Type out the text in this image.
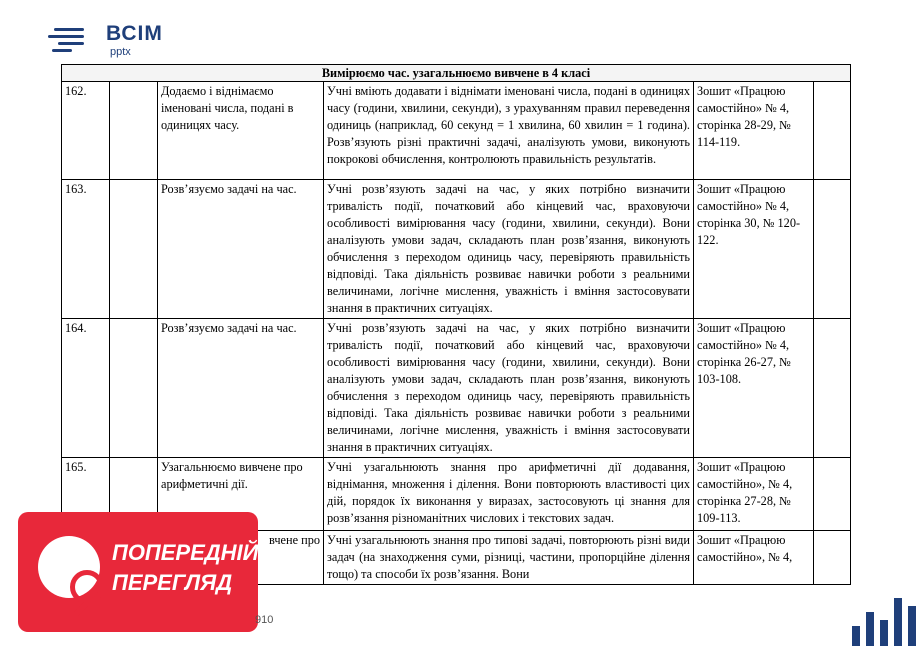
ВСІМ
pptx
Вимірюємо час. узагальнюємо вивчене в 4 класі					
162.		Додаємо і віднімаємо іменовані числа, подані в одиницях часу.	Учні вміють додавати і віднімати іменовані числа, подані в одиницях часу (години, хвилини, секунди), з урахуванням правил переведення одиниць (наприклад, 60 секунд = 1 хвилина, 60 хвилин = 1 година). Розв’язують різні практичні задачі, аналізують умови, виконують покрокові обчислення, контролюють правильність результатів.	Зошит «Працюю самостійно» № 4, сторінка 28-29, № 114-119.	
163.		Розв’язуємо задачі на час.	Учні розв’язують задачі на час, у яких потрібно визначити тривалість події, початковий або кінцевий час, враховуючи особливості вимірювання часу (години, хвилини, секунди). Вони аналізують умови задач, складають план розв’язання, виконують обчислення з переходом одиниць часу, перевіряють правильність відповіді. Така діяльність розвиває навички роботи з реальними величинами, логічне мислення, уважність і вміння застосовувати знання в практичних ситуаціях.	Зошит «Працюю самостійно» № 4, сторінка 30, № 120-122.	
164.		Розв’язуємо задачі на час.	Учні розв’язують задачі на час, у яких потрібно визначити тривалість події, початковий або кінцевий час, враховуючи особливості вимірювання часу (години, хвилини, секунди). Вони аналізують умови задач, складають план розв’язання, виконують обчислення з переходом одиниць часу, перевіряють правильність відповіді. Така діяльність розвиває навички роботи з реальними величинами, логічне мислення, уважність і вміння застосовувати знання в практичних ситуаціях.	Зошит «Працюю самостійно» № 4, сторінка 26-27, № 103-108.	
165.		Узагальнюємо вивчене про арифметичні дії.	Учні узагальнюють знання про арифметичні дії додавання, віднімання, множення і ділення. Вони повторюють властивості цих дій, порядок їх виконання у виразах, застосовують ці знання для розв’язання різноманітних числових і текстових задач.	Зошит «Працюю самостійно», № 4, сторінка 27-28, № 109-113.	
		вчене про	Учні узагальнюють знання про типові задачі, повторюють різні види задач (на знаходження суми, різниці, частини, пропорційне ділення тощо) та способи їх розв’язання. Вони	Зошит «Працюю самостійно», № 4,	
ПОПЕРЕДНІЙ
ПЕРЕГЛЯД
910
